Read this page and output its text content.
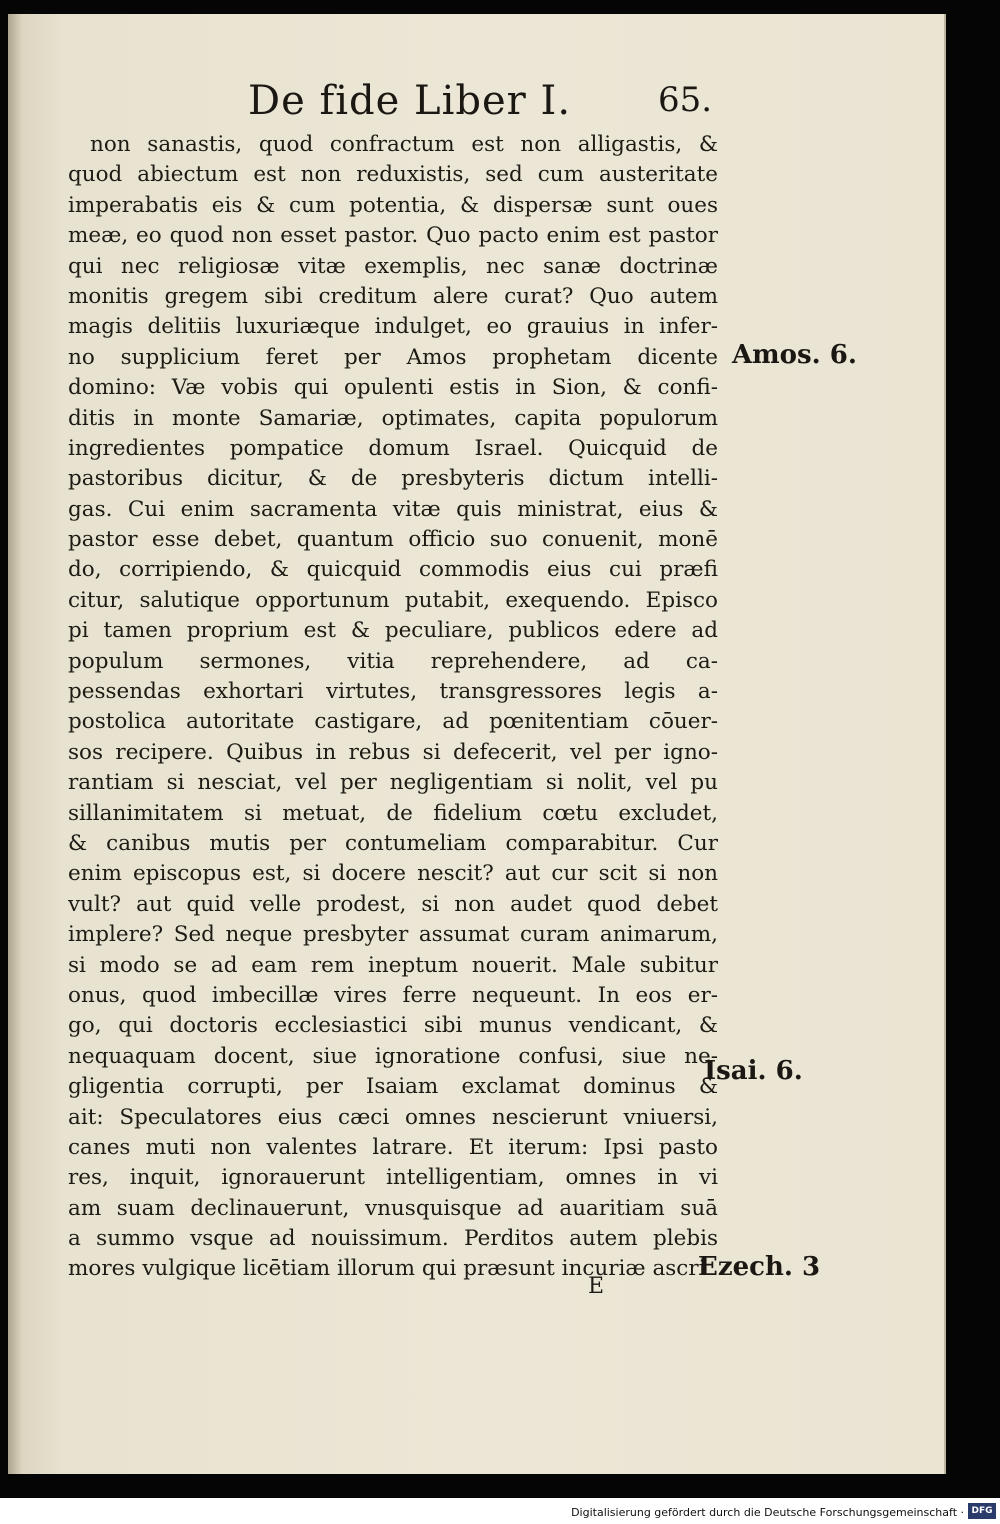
De fide Liber I.	65.
non sanastis, quod confractum est non alligastis, &
quod abiectum est non reduxistis, sed cum austeritate
imperabatis eis & cum potentia, & dispersæ sunt oues
meæ, eo quod non esset pastor. Quo pacto enim est pastor
qui nec religiosæ vitæ exemplis, nec sanæ doctrinæ
monitis gregem sibi creditum alere curat? Quo autem
magis delitiis luxuriæque indulget, eo grauius in infer-
no supplicium feret per Amos prophetam dicente
domino: Væ vobis qui opulenti estis in Sion, & confi-
ditis in monte Samariæ, optimates, capita populorum
ingredientes pompatice domum Israel. Quicquid de
pastoribus dicitur, & de presbyteris dictum intelli-
gas. Cui enim sacramenta vitæ quis ministrat, eius &
pastor esse debet, quantum officio suo conuenit, monē
do, corripiendo, & quicquid commodis eius cui præfi
citur, salutique opportunum putabit, exequendo. Episco
pi tamen proprium est & peculiare, publicos edere ad
populum sermones, vitia reprehendere, ad ca-
pessendas exhortari virtutes, transgressores legis a-
postolica autoritate castigare, ad pœnitentiam cōuer-
sos recipere. Quibus in rebus si defecerit, vel per igno-
rantiam si nesciat, vel per negligentiam si nolit, vel pu
sillanimitatem si metuat, de fidelium cœtu excludet,
& canibus mutis per contumeliam comparabitur. Cur
enim episcopus est, si docere nescit? aut cur scit si non
vult? aut quid velle prodest, si non audet quod debet
implere? Sed neque presbyter assumat curam animarum,
si modo se ad eam rem ineptum nouerit. Male subitur
onus, quod imbecillæ vires ferre nequeunt. In eos er-
go, qui doctoris ecclesiastici sibi munus vendicant, &
nequaquam docent, siue ignoratione confusi, siue ne-
gligentia corrupti, per Isaiam exclamat dominus &
ait: Speculatores eius cæci omnes nescierunt vniuersi,
canes muti non valentes latrare. Et iterum: Ipsi pasto
res, inquit, ignorauerunt intelligentiam, omnes in vi
am suam declinauerunt, vnusquisque ad auaritiam suā
a summo vsque ad nouissimum. Perditos autem plebis
mores vulgique licētiam illorum qui præsunt incuriæ ascri
Amos. 6.
Isai. 6.
Ezech. 3
E
Digitalisierung gefördert durch die Deutsche Forschungsgemeinschaft · DFG
